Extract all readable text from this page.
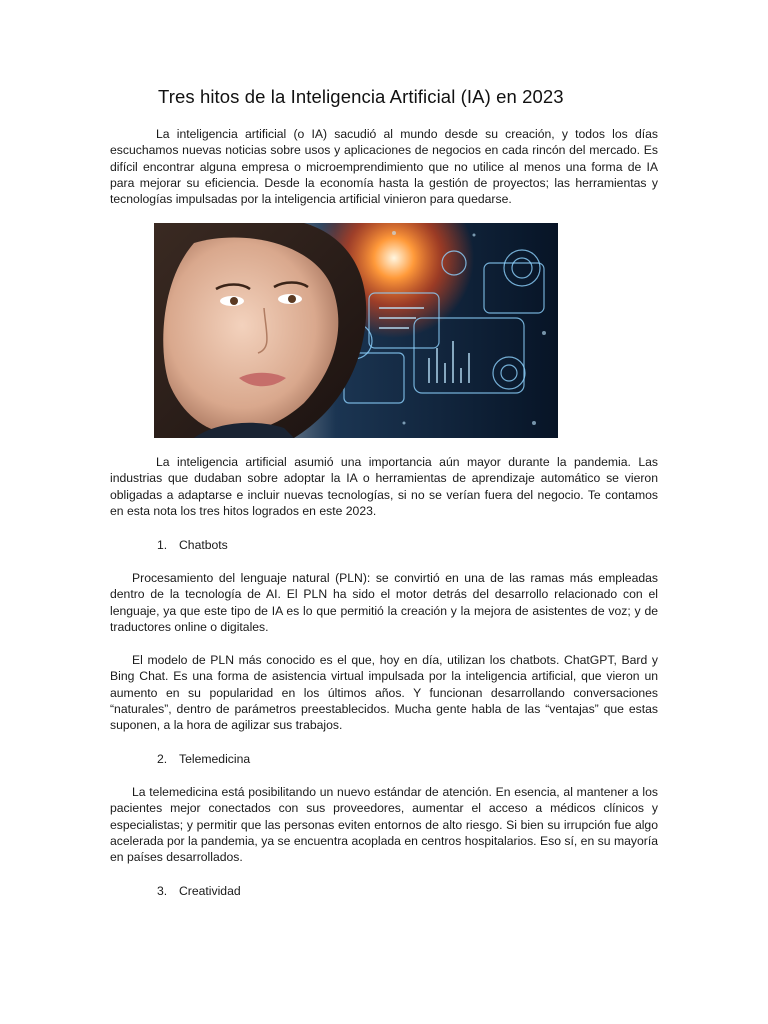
Tres hitos de la Inteligencia Artificial (IA) en 2023

La inteligencia artificial (o IA) sacudió al mundo desde su creación, y todos los días escuchamos nuevas noticias sobre usos y aplicaciones de negocios en cada rincón del mercado. Es difícil encontrar alguna empresa o microemprendimiento que no utilice al menos una forma de IA para mejorar su eficiencia. Desde la economía hasta la gestión de proyectos; las herramientas y tecnologías impulsadas por la inteligencia artificial vinieron para quedarse.

La inteligencia artificial asumió una importancia aún mayor durante la pandemia. Las industrias que dudaban sobre adoptar la IA o herramientas de aprendizaje automático se vieron obligadas a adaptarse e incluir nuevas tecnologías, si no se verían fuera del negocio. Te contamos en esta nota los tres hitos logrados en este 2023.

1. Chatbots

Procesamiento del lenguaje natural (PLN): se convirtió en una de las ramas más empleadas dentro de la tecnología de AI. El PLN ha sido el motor detrás del desarrollo relacionado con el lenguaje, ya que este tipo de IA es lo que permitió la creación y la mejora de asistentes de voz; y de traductores online o digitales.

El modelo de PLN más conocido es el que, hoy en día, utilizan los chatbots. ChatGPT, Bard y Bing Chat. Es una forma de asistencia virtual impulsada por la inteligencia artificial, que vieron un aumento en su popularidad en los últimos años. Y funcionan desarrollando conversaciones “naturales”, dentro de parámetros preestablecidos. Mucha gente habla de las “ventajas” que estas suponen, a la hora de agilizar sus trabajos.

2. Telemedicina

La telemedicina está posibilitando un nuevo estándar de atención. En esencia, al mantener a los pacientes mejor conectados con sus proveedores, aumentar el acceso a médicos clínicos y especialistas; y permitir que las personas eviten entornos de alto riesgo. Si bien su irrupción fue algo acelerada por la pandemia, ya se encuentra acoplada en centros hospitalarios. Eso sí, en su mayoría en países desarrollados.

3. Creatividad
